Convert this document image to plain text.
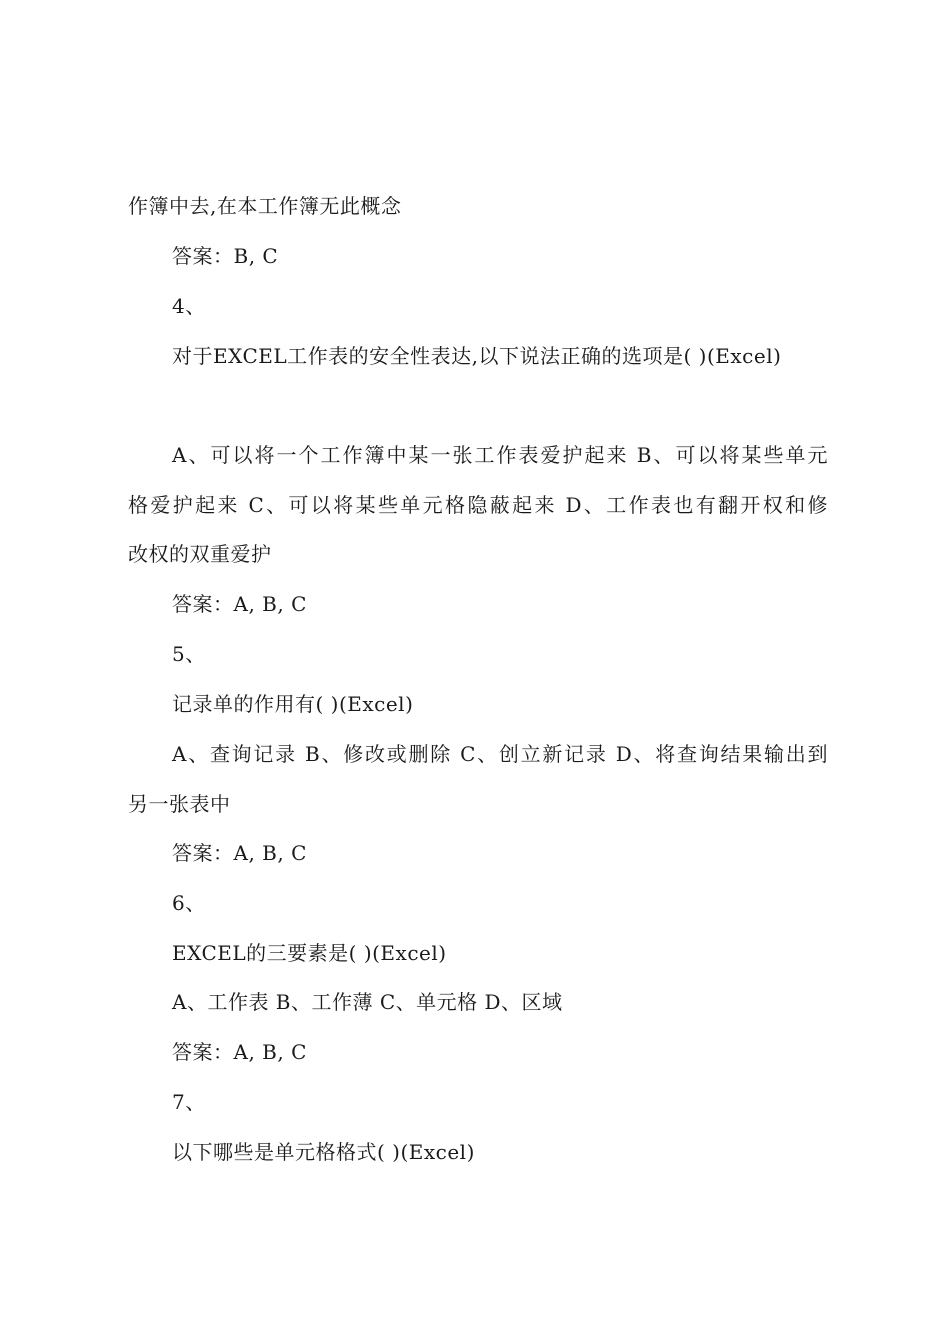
作簿中去,在本工作簿无此概念
答案：B, C
4、
对于EXCEL工作表的安全性表达,以下说法正确的选项是( )(Excel)
A、可以将一个工作簿中某一张工作表爱护起来 B、可以将某些单元
格爱护起来 C、可以将某些单元格隐蔽起来 D、工作表也有翻开权和修
改权的双重爱护
答案：A, B, C
5、
记录单的作用有( )(Excel)
A、查询记录 B、修改或删除 C、创立新记录 D、将查询结果输出到
另一张表中
答案：A, B, C
6、
EXCEL的三要素是( )(Excel)
A、工作表 B、工作薄 C、单元格 D、区域
答案：A, B, C
7、
以下哪些是单元格格式( )(Excel)
